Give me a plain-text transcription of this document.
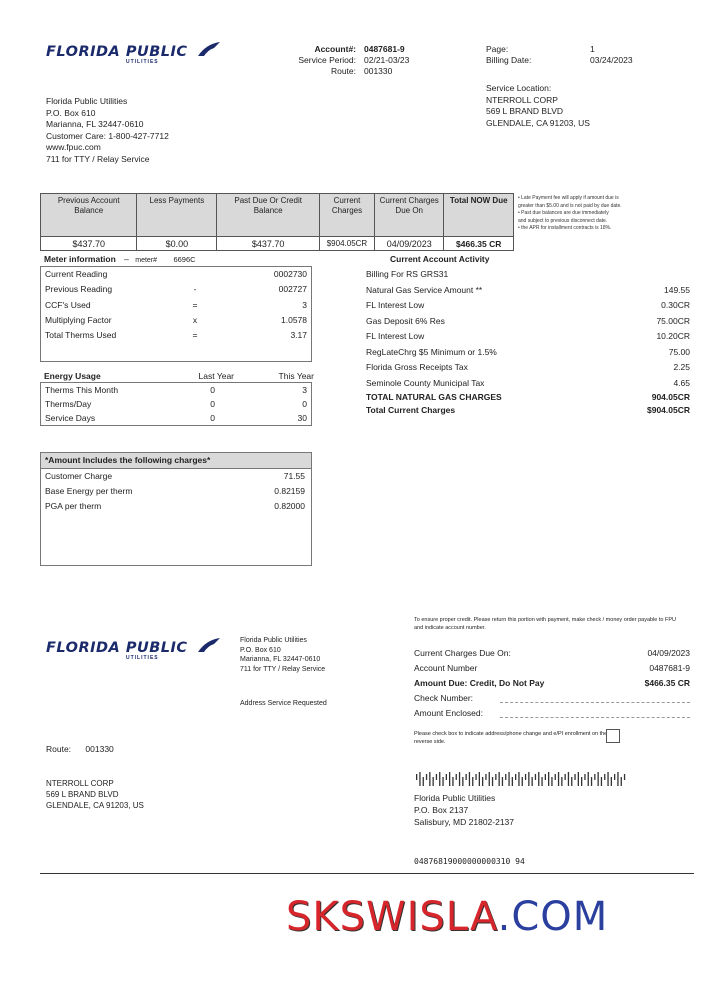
FLORIDA PUBLIC
UTILITIES
Florida Public Utilities
P.O. Box 610
Marianna, FL 32447-0610
Customer Care: 1-800-427-7712
www.fpuc.com
711 for TTY / Relay Service
Account#: 0487681-9
Service Period: 02/21-03/23
Route: 001330
Page:	1
Billing Date:	03/24/2023
Service Location:
NTERROLL CORP
569 L BRAND BLVD
GLENDALE, CA 91203, US
Previous Account Balance	Less Payments	Past Due Or Credit Balance	Current Charges	Current Charges Due On	Total NOW Due
$437.70	$0.00	$437.70	$904.05CR	04/09/2023	$466.35 CR
• Late Payment fee will apply if amount due is
greater than $5.00 and is not paid by due date.
• Past due balances are due immediately
and subject to previous disconnect date.
• the APR for installment contracts is 18%.
Meter information – meter# 6696C
Current Reading	0002730
Previous Reading	-	002727
CCF's Used	=	3
Multiplying Factor	x	1.0578
Total Therms Used	=	3.17
Energy Usage	Last Year	This Year
Therms This Month	0	3
Therms/Day	0	0
Service Days	0	30
*Amount Includes the following charges*
Customer Charge	71.55
Base Energy per therm	0.82159
PGA per therm	0.82000
Current Account Activity
Billing For RS GRS31
Natural Gas Service Amount **	149.55
FL Interest Low	0.30CR
Gas Deposit 6% Res	75.00CR
FL Interest Low	10.20CR
RegLateChrg $5 Minimum or 1.5%	75.00
Florida Gross Receipts Tax	2.25
Seminole County Municipal Tax	4.65
TOTAL NATURAL GAS CHARGES	904.05CR
Total Current Charges	$904.05CR
FLORIDA PUBLIC
UTILITIES
Florida Public Utilities
P.O. Box 610
Marianna, FL 32447-0610
711 for TTY / Relay Service
Address Service Requested
Route: 001330
NTERROLL CORP
569 L BRAND BLVD
GLENDALE, CA 91203, US
To ensure proper credit. Please return this portion with payment, make check / money order payable to FPU and indicate account number.
Current Charges Due On:	04/09/2023
Account Number	0487681-9
Amount Due: Credit, Do Not Pay	$466.35 CR
Check Number:
Amount Enclosed:
Please check box to indicate address/phone change and e/PI enrollment on the reverse side.
Florida Public Utilities
P.O. Box 2137
Salisbury, MD 21802-2137
04876819000000000310 94
SKSWISLA.COM
